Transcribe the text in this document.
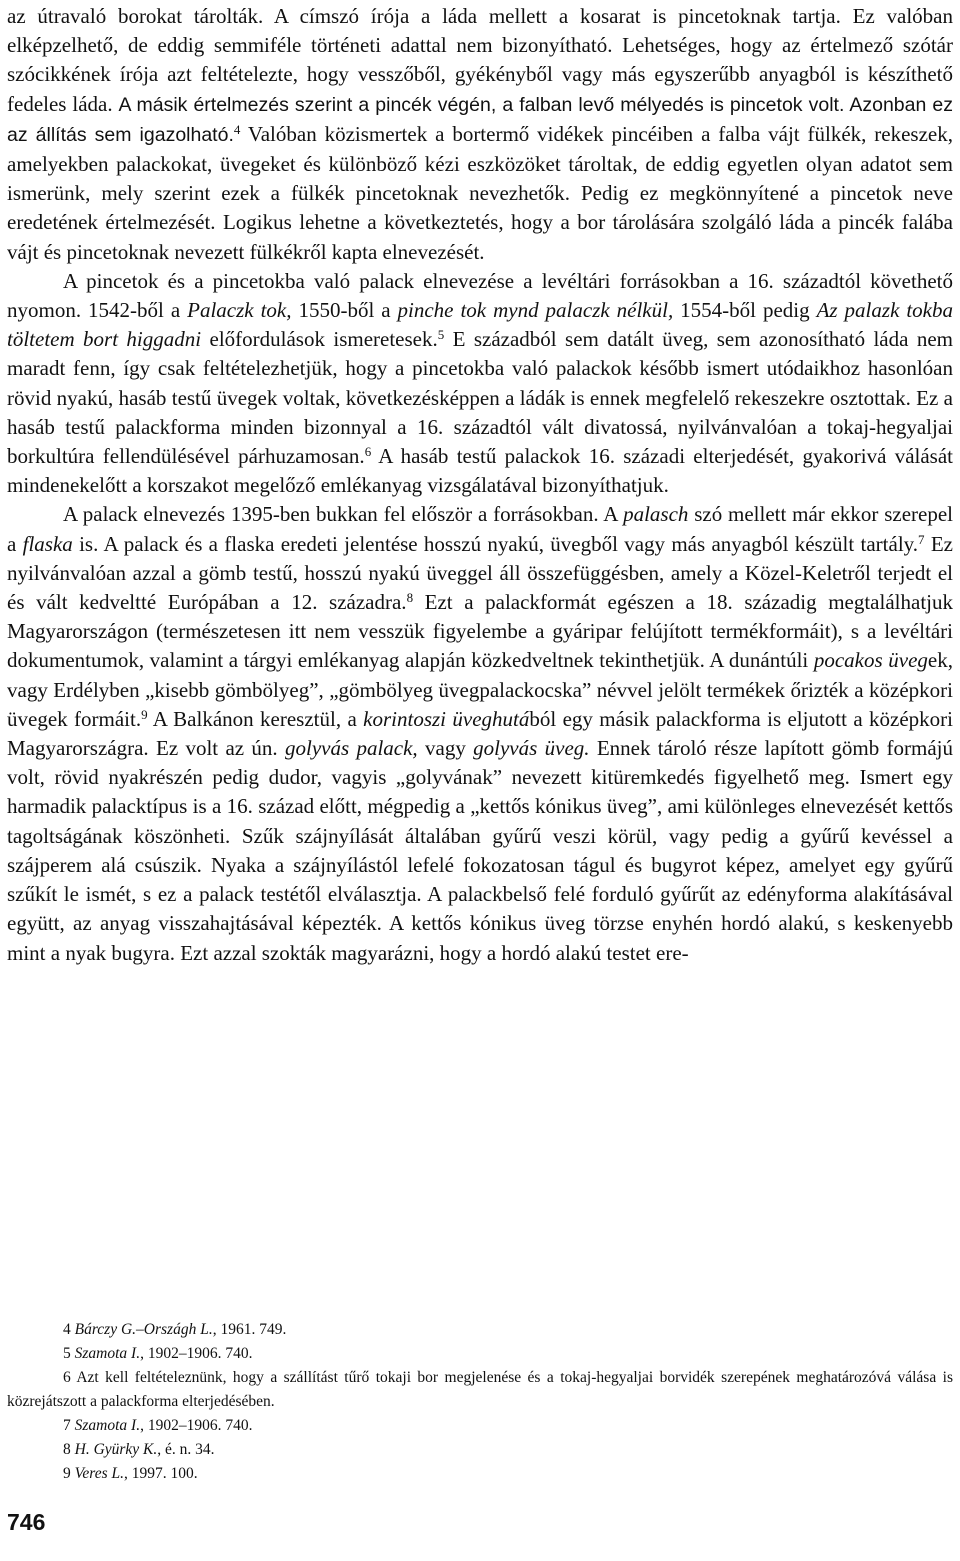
az útravaló borokat tárolták. A címszó írója a láda mellett a kosarat is pincetoknak tartja. Ez valóban elképzelhető, de eddig semmiféle történeti adattal nem bizonyítható. Lehetséges, hogy az értelmező szótár szócikkének írója azt feltételezte, hogy vesszőből, gyékényből vagy más egyszerűbb anyagból is készíthető fedeles láda. A másik értelmezés szerint a pincék végén, a falban levő mélyedés is pincetok volt. Azonban ez az állítás sem igazolható.$^4$ Valóban közismertek a bortermő vidékek pincéiben a falba vájt fülkék, rekeszek, amelyekben palackokat, üvegeket és különböző kézi eszközöket tároltak, de eddig egyetlen olyan adatot sem ismerünk, mely szerint ezek a fülkék pincetoknak nevezhetők. Pedig ez megkönnyítené a pincetok neve eredetének értelmezését. Logikus lehetne a következtetés, hogy a bor tárolására szolgáló láda a pincék falába vájt és pincetoknak nevezett fülkékről kapta elnevezését.

A pincetok és a pincetokba való palack elnevezése a levéltári forrásokban a 16. századtól követhető nyomon. 1542-ből a Palaczk tok, 1550-ből a pinche tok mynd palaczk nélkül, 1554-ből pedig Az palazk tokba töltetem bort higgadni előfordulások ismeretesek.$^5$ E századból sem datált üveg, sem azonosítható láda nem maradt fenn, így csak feltételezhetjük, hogy a pincetokba való palackok később ismert utódaikhoz hasonlóan rövid nyakú, hasáb testű üvegek voltak, következésképpen a ládák is ennek megfelelő rekeszekre osztottak. Ez a hasáb testű palackforma minden bizonnyal a 16. századtól vált divatossá, nyilvánvalóan a tokaj-hegyaljai borkultúra fellendülésével párhuzamosan.$^6$ A hasáb testű palackok 16. századi elterjedését, gyakorivá válását mindenekelőtt a korszakot megelőző emlékanyag vizsgálatával bizonyíthatjuk.

A palack elnevezés 1395-ben bukkan fel először a forrásokban. A palasch szó mellett már ekkor szerepel a flaska is. A palack és a flaska eredeti jelentése hosszú nyakú, üvegből vagy más anyagból készült tartály.$^7$ Ez nyilvánvalóan azzal a gömb testű, hosszú nyakú üveggel áll összefüggésben, amely a Közel-Keletről terjedt el és vált kedveltté Európában a 12. századra.$^8$ Ezt a palackformát egészen a 18. századig megtalálhatjuk Magyarországon (természetesen itt nem vesszük figyelembe a gyáripar felújított termékformáit), s a levéltári dokumentumok, valamint a tárgyi emlékanyag alapján közkedveltnek tekinthetjük. A dunántúli pocakos üvegek, vagy Erdélyben „kisebb gömbölyeg”, „gömbölyeg üvegpalackocska” névvel jelölt termékek őrizték a középkori üvegek formáit.$^9$ A Balkánon keresztül, a korintoszi üveghutából egy másik palackforma is eljutott a középkori Magyarországra. Ez volt az ún. golyvás palack, vagy golyvás üveg. Ennek tároló része lapított gömb formájú volt, rövid nyakrészén pedig dudor, vagyis „golyvának” nevezett kitüremkedés figyelhető meg. Ismert egy harmadik palacktípus is a 16. század előtt, mégpedig a „kettős kónikus üveg”, ami különleges elnevezését kettős tagoltságának köszönheti. Szűk szájnyílását általában gyűrű veszi körül, vagy pedig a gyűrű kevéssel a szájperem alá csúszik. Nyaka a szájnyílástól lefelé fokozatosan tágul és bugyrot képez, amelyet egy gyűrű szűkít le ismét, s ez a palack testétől elválasztja. A palackbelső felé forduló gyűrűt az edényforma alakításával együtt, az anyag visszahajtásával képezték. A kettős kónikus üveg törzse enyhén hordó alakú, s keskenyebb mint a nyak bugyra. Ezt azzal szokták magyarázni, hogy a hordó alakú testet ere-

4 Bárczy G.–Országh L., 1961. 749.

5 Szamota I., 1902–1906. 740.

6 Azt kell feltételeznünk, hogy a szállítást tűrő tokaji bor megjelenése és a tokaj-hegyaljai borvidék szerepének meghatározóvá válása is közrejátszott a palackforma elterjedésében.

7 Szamota I., 1902–1906. 740.

8 H. Gyürky K., é. n. 34.

9 Veres L., 1997. 100.

746
